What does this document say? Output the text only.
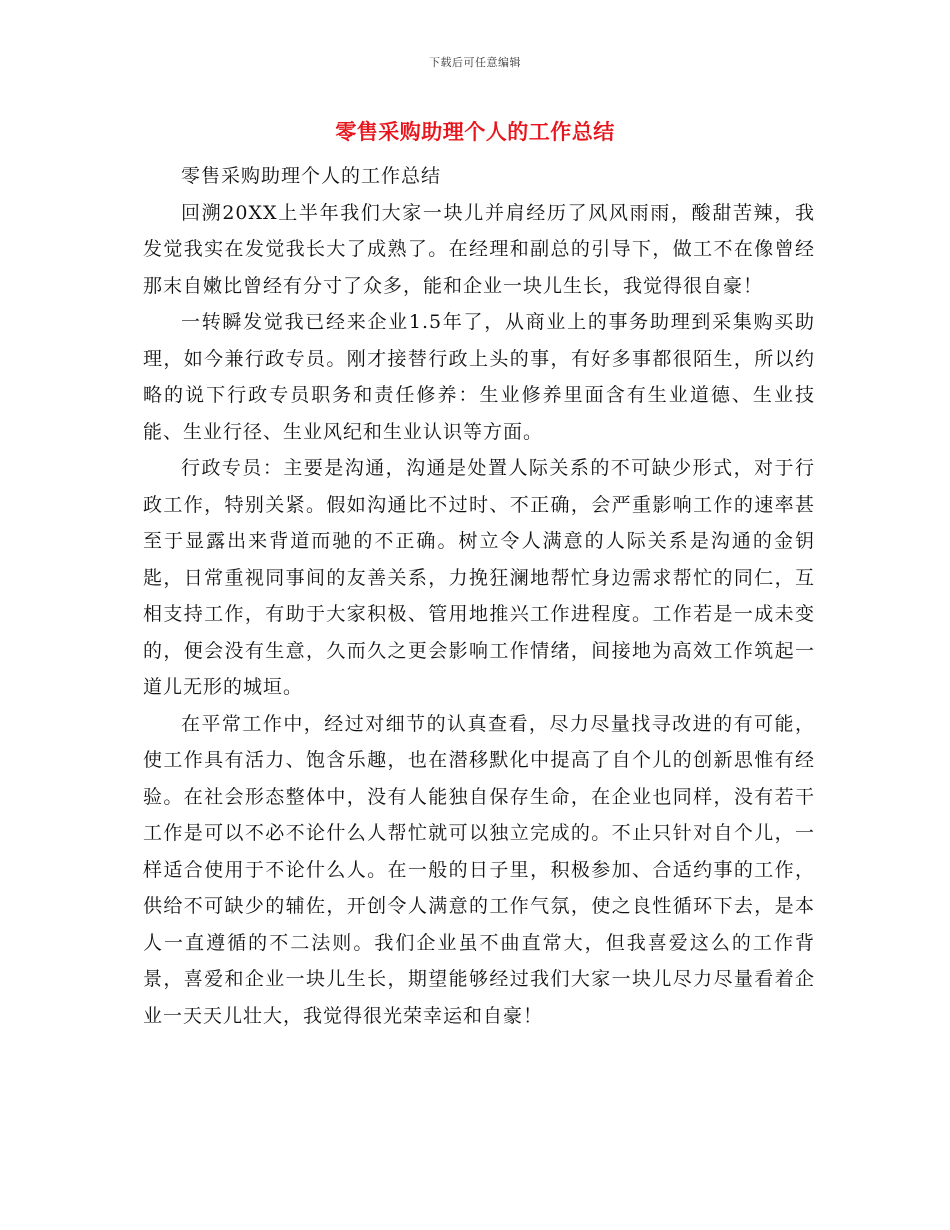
下载后可任意编辑
零售采购助理个人的工作总结

零售采购助理个人的工作总结

回溯20XX上半年我们大家一块儿并肩经历了风风雨雨，酸甜苦辣，我发觉我实在发觉我长大了成熟了。在经理和副总的引导下，做工不在像曾经那末自嫩比曾经有分寸了众多，能和企业一块儿生长，我觉得很自豪！

一转瞬发觉我已经来企业1.5年了，从商业上的事务助理到采集购买助理，如今兼行政专员。刚才接替行政上头的事，有好多事都很陌生，所以约略的说下行政专员职务和责任修养：生业修养里面含有生业道德、生业技能、生业行径、生业风纪和生业认识等方面。

行政专员：主要是沟通，沟通是处置人际关系的不可缺少形式，对于行政工作，特别关紧。假如沟通比不过时、不正确，会严重影响工作的速率甚至于显露出来背道而驰的不正确。树立令人满意的人际关系是沟通的金钥匙，日常重视同事间的友善关系，力挽狂澜地帮忙身边需求帮忙的同仁，互相支持工作，有助于大家积极、管用地推兴工作进程度。工作若是一成未变的，便会没有生意，久而久之更会影响工作情绪，间接地为高效工作筑起一道儿无形的城垣。

在平常工作中，经过对细节的认真查看，尽力尽量找寻改进的有可能，使工作具有活力、饱含乐趣，也在潜移默化中提高了自个儿的创新思惟有经验。在社会形态整体中，没有人能独自保存生命，在企业也同样，没有若干工作是可以不必不论什么人帮忙就可以独立完成的。不止只针对自个儿，一样适合使用于不论什么人。在一般的日子里，积极参加、合适约事的工作，供给不可缺少的辅佐，开创令人满意的工作气氛，使之良性循环下去，是本人一直遵循的不二法则。我们企业虽不曲直常大，但我喜爱这么的工作背景，喜爱和企业一块儿生长，期望能够经过我们大家一块儿尽力尽量看着企业一天天儿壮大，我觉得很光荣幸运和自豪！
